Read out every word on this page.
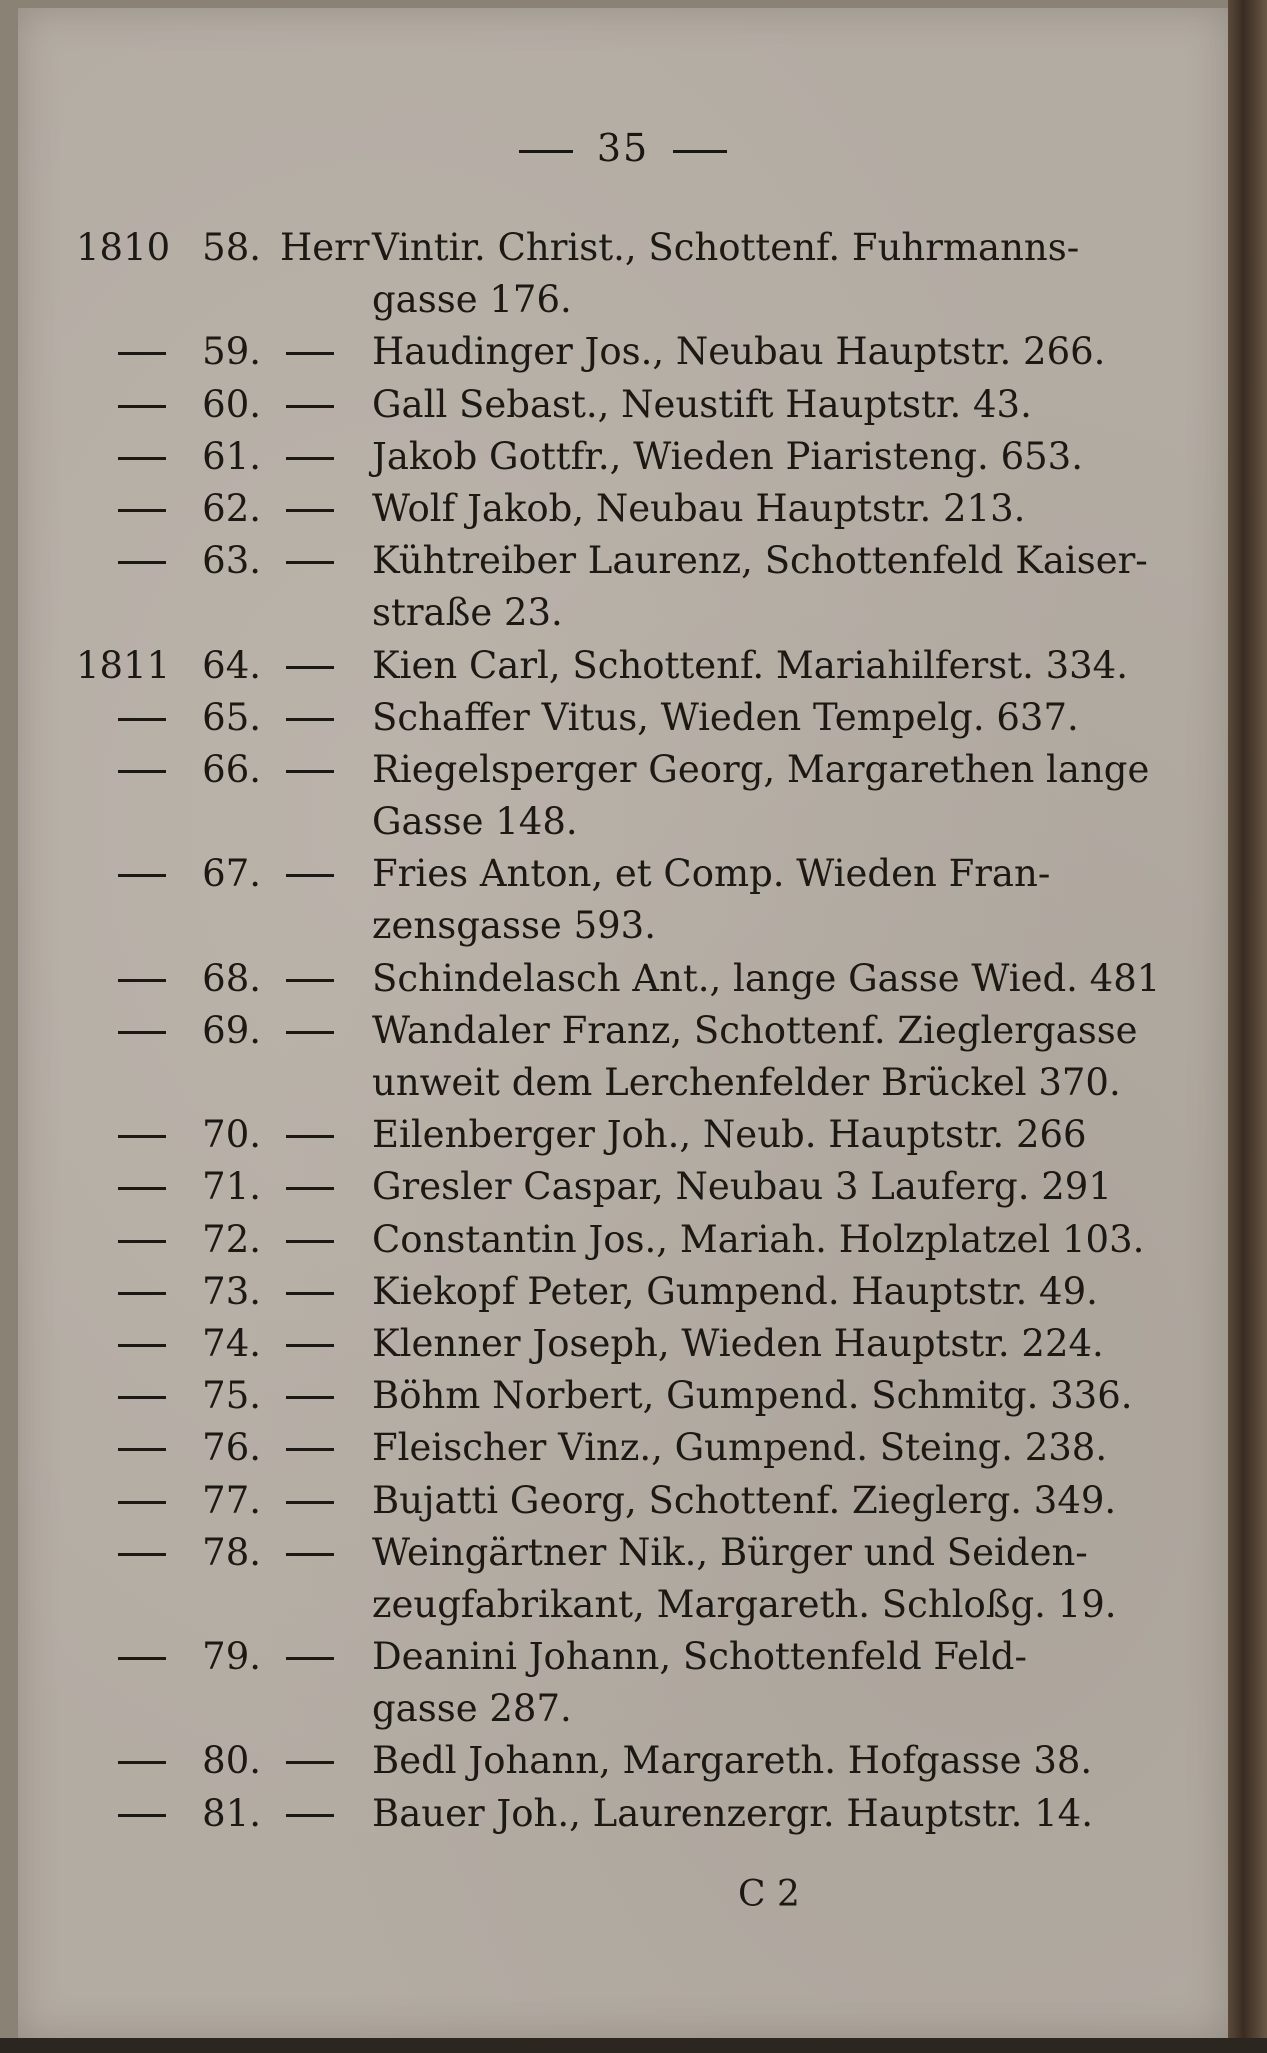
35
1810 58. Herr Vintir. Christ., Schottenf. Fuhrmanns-
gasse 176.
59.	Haudinger Jos., Neubau Hauptstr. 266.
60.	Gall Sebast., Neustift Hauptstr. 43.
61.	Jakob Gottfr., Wieden Piaristeng. 653.
62.	Wolf Jakob, Neubau Hauptstr. 213.
63.	Kühtreiber Laurenz, Schottenfeld Kaiser-
straße 23.
1811 64.	Kien Carl, Schottenf. Mariahilferst. 334.
65.	Schaffer Vitus, Wieden Tempelg. 637.
66.	Riegelsperger Georg, Margarethen lange
Gasse 148.
67.	Fries Anton, et Comp. Wieden Fran-
zensgasse 593.
68.	Schindelasch Ant., lange Gasse Wied. 481
69.	Wandaler Franz, Schottenf. Zieglergasse
unweit dem Lerchenfelder Brückel 370.
70.	Eilenberger Joh., Neub. Hauptstr. 266
71.	Gresler Caspar, Neubau 3 Lauferg. 291
72.	Constantin Jos., Mariah. Holzplatzel 103.
73.	Kiekopf Peter, Gumpend. Hauptstr. 49.
74.	Klenner Joseph, Wieden Hauptstr. 224.
75.	Böhm Norbert, Gumpend. Schmitg. 336.
76.	Fleischer Vinz., Gumpend. Steing. 238.
77.	Bujatti Georg, Schottenf. Zieglerg. 349.
78.	Weingärtner Nik., Bürger und Seiden-
zeugfabrikant, Margareth. Schloßg. 19.
79.	Deanini Johann, Schottenfeld Feld-
gasse 287.
80.	Bedl Johann, Margareth. Hofgasse 38.
81.	Bauer Joh., Laurenzergr. Hauptstr. 14.
C 2
